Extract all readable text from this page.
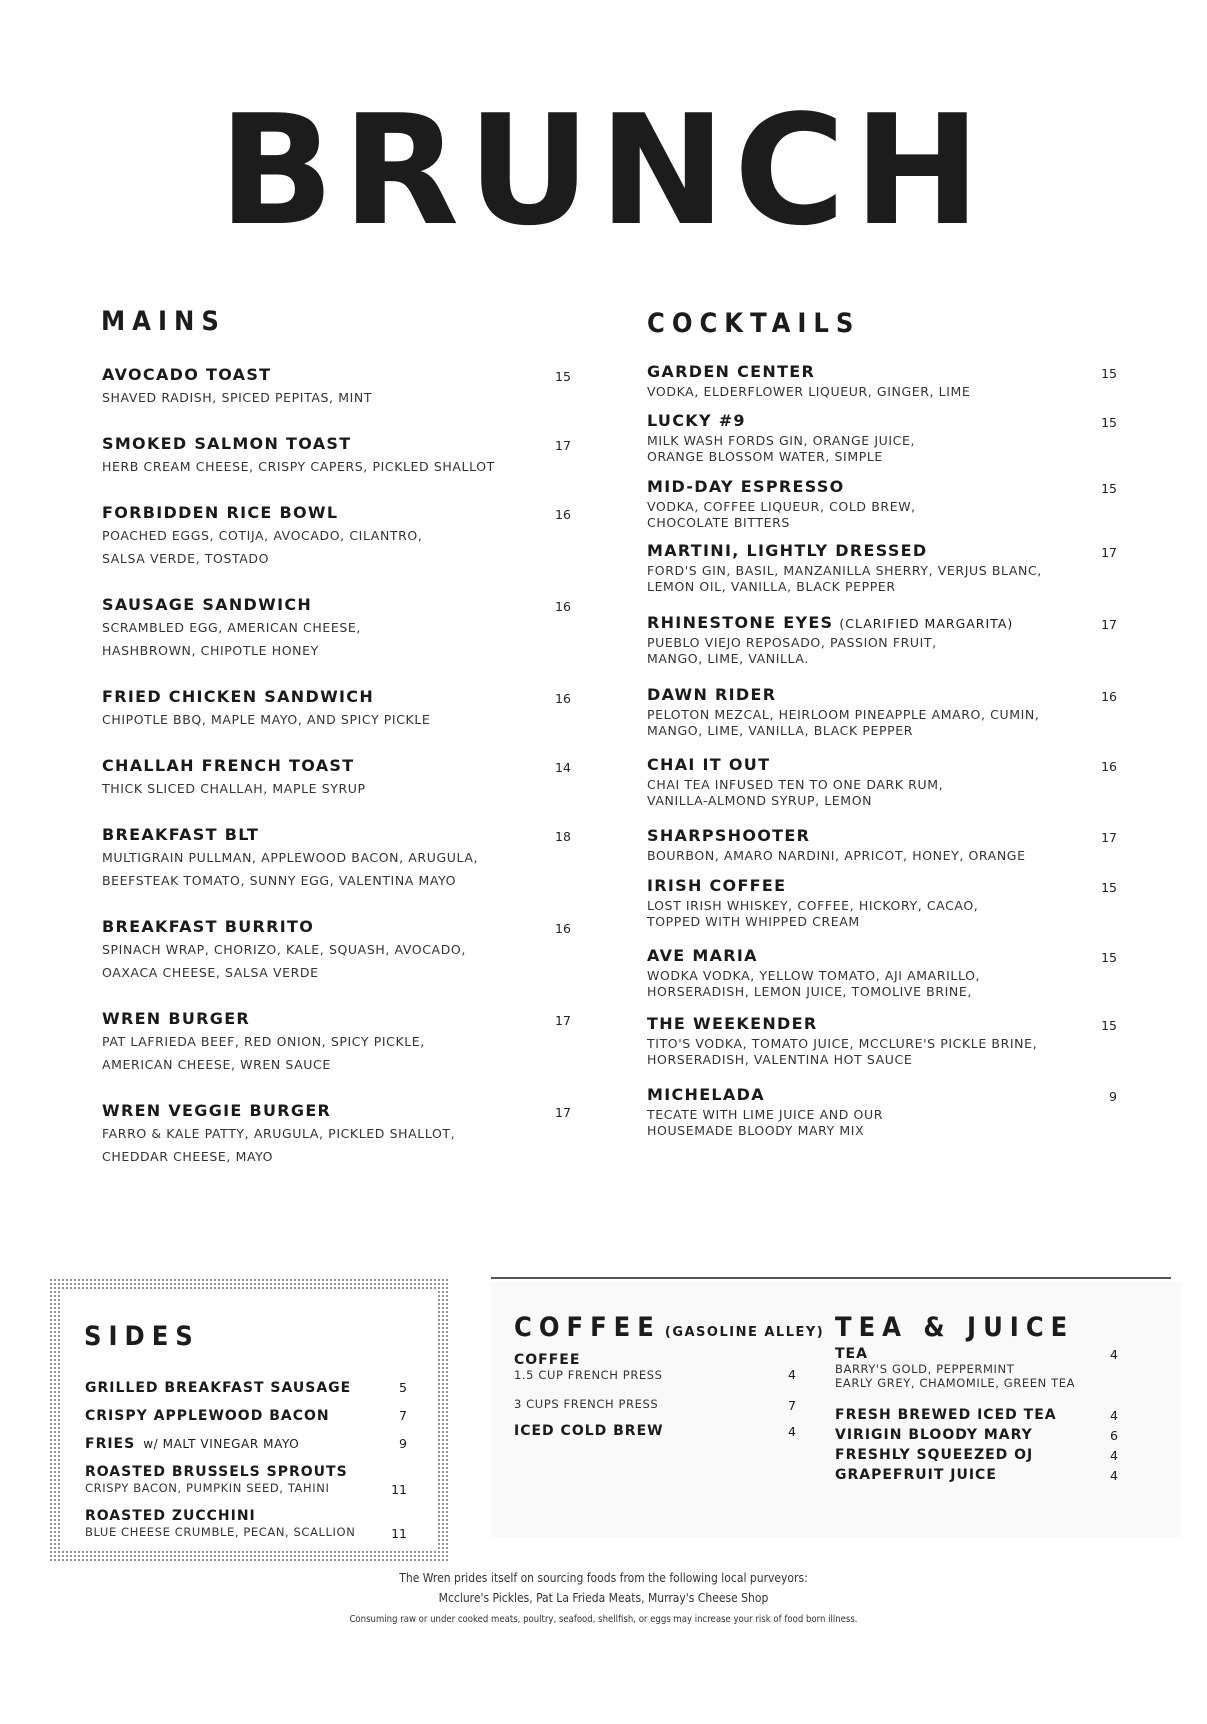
BRUNCH
MAINS
AVOCADO TOAST
SHAVED RADISH, SPICED PEPITAS, MINT
15
SMOKED SALMON TOAST
HERB CREAM CHEESE, CRISPY CAPERS, PICKLED SHALLOT
17
FORBIDDEN RICE BOWL
POACHED EGGS, COTIJA, AVOCADO, CILANTRO,
SALSA VERDE, TOSTADO
16
SAUSAGE SANDWICH
SCRAMBLED EGG, AMERICAN CHEESE,
HASHBROWN, CHIPOTLE HONEY
16
FRIED CHICKEN SANDWICH
CHIPOTLE BBQ, MAPLE MAYO, AND SPICY PICKLE
16
CHALLAH FRENCH TOAST
THICK SLICED CHALLAH, MAPLE SYRUP
14
BREAKFAST BLT
MULTIGRAIN PULLMAN, APPLEWOOD BACON, ARUGULA,
BEEFSTEAK TOMATO, SUNNY EGG, VALENTINA MAYO
18
BREAKFAST BURRITO
SPINACH WRAP, CHORIZO, KALE, SQUASH, AVOCADO,
OAXACA CHEESE, SALSA VERDE
16
WREN BURGER
PAT LAFRIEDA BEEF, RED ONION, SPICY PICKLE,
AMERICAN CHEESE, WREN SAUCE
17
WREN VEGGIE BURGER
FARRO & KALE PATTY, ARUGULA, PICKLED SHALLOT,
CHEDDAR CHEESE, MAYO
17
COCKTAILS
GARDEN CENTER
VODKA, ELDERFLOWER LIQUEUR, GINGER, LIME
15
LUCKY #9
MILK WASH FORDS GIN, ORANGE JUICE,
ORANGE BLOSSOM WATER, SIMPLE
15
MID-DAY ESPRESSO
VODKA, COFFEE LIQUEUR, COLD BREW,
CHOCOLATE BITTERS
15
MARTINI, LIGHTLY DRESSED
FORD'S GIN, BASIL, MANZANILLA SHERRY, VERJUS BLANC,
LEMON OIL, VANILLA, BLACK PEPPER
17
RHINESTONE EYES (CLARIFIED MARGARITA)
PUEBLO VIEJO REPOSADO, PASSION FRUIT,
MANGO, LIME, VANILLA.
17
DAWN RIDER
PELOTON MEZCAL, HEIRLOOM PINEAPPLE AMARO, CUMIN,
MANGO, LIME, VANILLA, BLACK PEPPER
16
CHAI IT OUT
CHAI TEA INFUSED TEN TO ONE DARK RUM,
VANILLA-ALMOND SYRUP, LEMON
16
SHARPSHOOTER
BOURBON, AMARO NARDINI, APRICOT, HONEY, ORANGE
17
IRISH COFFEE
LOST IRISH WHISKEY, COFFEE, HICKORY, CACAO,
TOPPED WITH WHIPPED CREAM
15
AVE MARIA
WODKA VODKA, YELLOW TOMATO, AJI AMARILLO,
HORSERADISH, LEMON JUICE, TOMOLIVE BRINE,
15
THE WEEKENDER
TITO'S VODKA, TOMATO JUICE, MCCLURE'S PICKLE BRINE,
HORSERADISH, VALENTINA HOT SAUCE
15
MICHELADA
TECATE WITH LIME JUICE AND OUR
HOUSEMADE BLOODY MARY MIX
9
SIDES
GRILLED BREAKFAST SAUSAGE	5
CRISPY APPLEWOOD BACON	7
FRIES w/ MALT VINEGAR MAYO	9
ROASTED BRUSSELS SPROUTS
CRISPY BACON, PUMPKIN SEED, TAHINI	11
ROASTED ZUCCHINI
BLUE CHEESE CRUMBLE, PECAN, SCALLION	11
COFFEE (GASOLINE ALLEY) TEA & JUICE
COFFEE
1.5 CUP FRENCH PRESS	4
3 CUPS FRENCH PRESS	7
ICED COLD BREW	4
TEA
BARRY'S GOLD, PEPPERMINT
EARLY GREY, CHAMOMILE, GREEN TEA
4
FRESH BREWED ICED TEA	4
VIRIGIN BLOODY MARY	6
FRESHLY SQUEEZED OJ	4
GRAPEFRUIT JUICE	4
The Wren prides itself on sourcing foods from the following local purveyors:
Mcclure's Pickles, Pat La Frieda Meats, Murray's Cheese Shop
Consuming raw or under cooked meats, poultry, seafood, shellfish, or eggs may increase your risk of food born illness.
